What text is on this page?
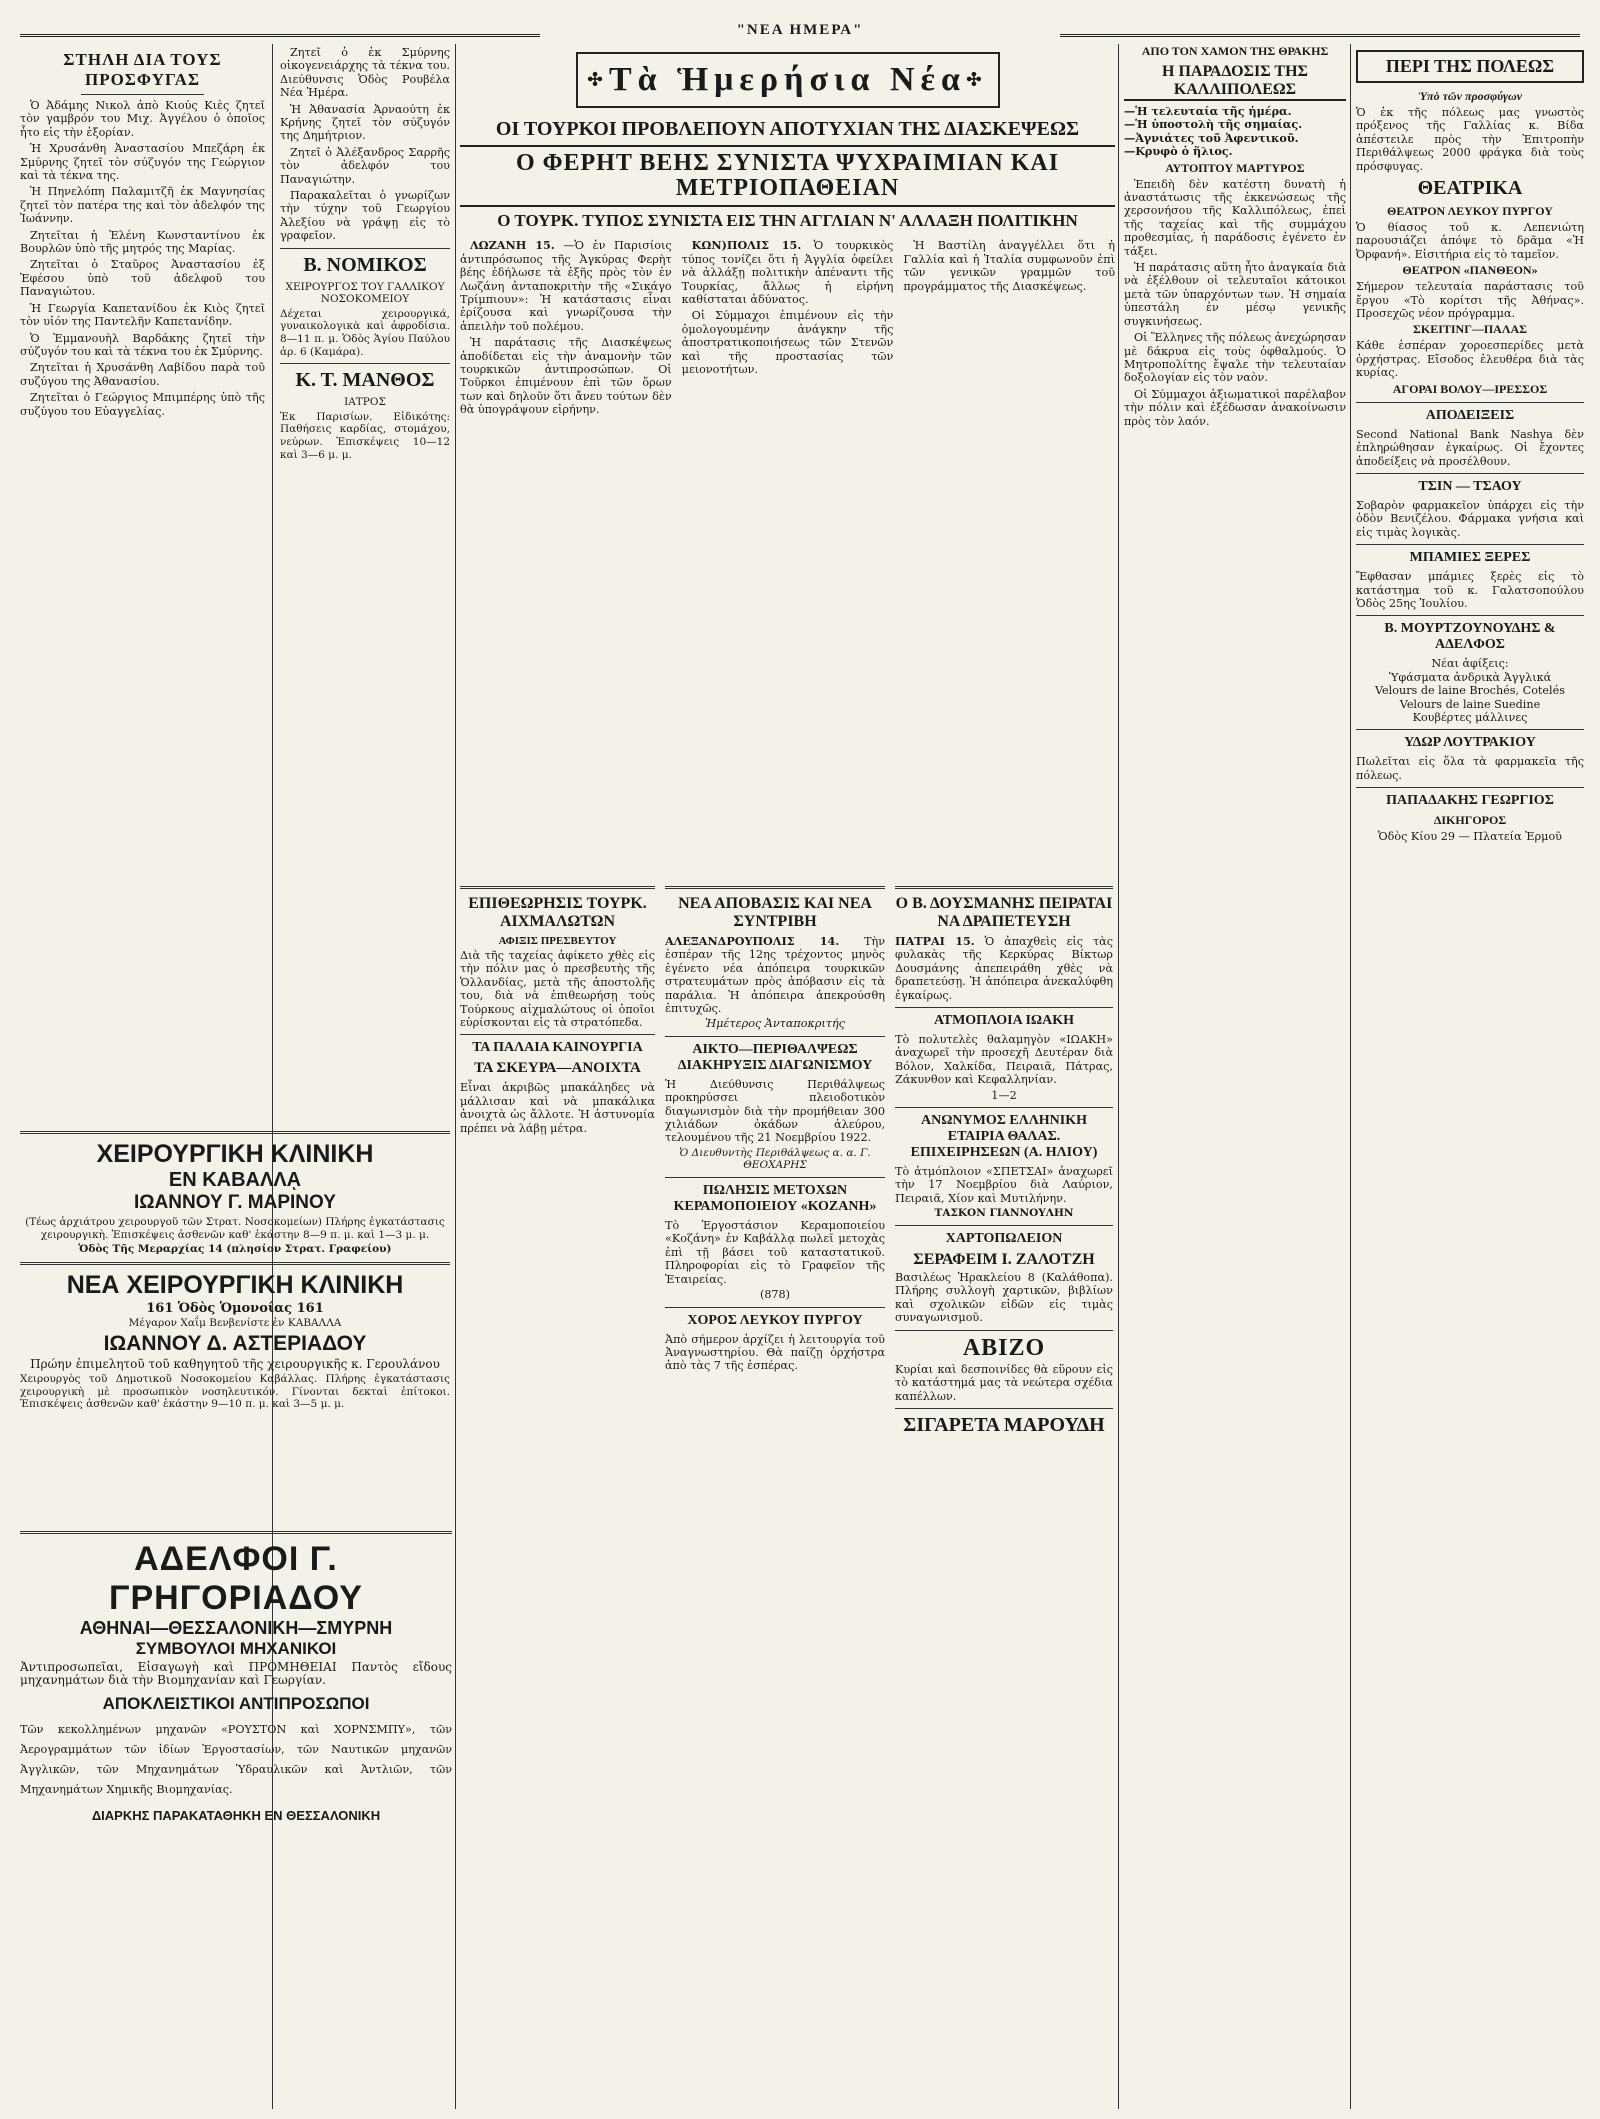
"ΝΕΑ ΗΜΕΡΑ"
ΣΤΗΛΗ ΔΙΑ ΤΟΥΣ ΠΡΟΣΦΥΓΑΣ

Ὁ Ἀδάμης Νικολ ἀπὸ Κιούς Κιὲς ζητεῖ τὸν γαμβρόν του Μιχ. Ἀγγέλου ὁ ὁποῖος ἦτο εἰς τὴν ἐξορίαν.

Ἡ Χρυσάνθη Ἀναστασίου Μπεζάρη ἐκ Σμύρνης ζητεῖ τὸν σύζυγόν της Γεώργιον καὶ τὰ τέκνα της.

Ἡ Πηνελόπη Παλαμιτζῆ ἐκ Μαγνησίας ζητεῖ τὸν πατέρα της καὶ τὸν ἀδελφόν της Ἰωάννην.

Ζητεῖται ἡ Ἑλένη Κωνσταντίνου ἐκ Βουρλῶν ὑπὸ τῆς μητρός της Μαρίας.

Ζητεῖται ὁ Σταῦρος Ἀναστασίου ἐξ Ἐφέσου ὑπὸ τοῦ ἀδελφοῦ του Παναγιώτου.

Ἡ Γεωργία Καπετανίδου ἐκ Κιὸς ζητεῖ τὸν υἱόν της Παντελῆν Καπετανίδην.

Ὁ Ἐμμανουὴλ Βαρδάκης ζητεῖ τὴν σύζυγόν του καὶ τὰ τέκνα του ἐκ Σμύρνης.

Ζητεῖται ἡ Χρυσάνθη Λαβίδου παρὰ τοῦ συζύγου της Ἀθανασίου.

Ζητεῖται ὁ Γεώργιος Μπιμπέρης ὑπὸ τῆς συζύγου του Εὐαγγελίας.

ΧΕΙΡΟΥΡΓΙΚΗ ΚΛΙΝΙΚΗ
ΕΝ ΚΑΒΑΛΛᾼ
ΙΩΑΝΝΟΥ Γ. ΜΑΡΙΝΟΥ
(Τέως ἀρχιάτρου χειρουργοῦ τῶν Στρατ. Νοσοκομείων) Πλήρης ἐγκατάστασις χειρουργικὴ. Ἐπισκέψεις ἀσθενῶν καθ' ἑκάστην 8—9 π. μ. καὶ 1—3 μ. μ.
Ὁδὸς Τῆς Μεραρχίας 14 (πλησίον Στρατ. Γραφείου)
ΝΕΑ ΧΕΙΡΟΥΡΓΙΚΗ ΚΛΙΝΙΚΗ
161 Ὁδὸς Ὁμονοίας 161
Μέγαρον Χαΐμ Βενβενίστε ἐν ΚΑΒΑΛΛΑ
ΙΩΑΝΝΟΥ Δ. ΑΣΤΕΡΙΑΔΟΥ
Πρώην ἐπιμελητοῦ τοῦ καθηγητοῦ τῆς χειρουργικῆς κ. Γερουλάνου
Χειρουργὸς τοῦ Δημοτικοῦ Νοσοκομείου Καβάλλας. Πλήρης ἐγκατάστασις χειρουργικὴ μὲ προσωπικὸν νοσηλευτικόν. Γίνονται δεκταὶ ἐπίτοκοι. Ἐπισκέψεις ἀσθενῶν καθ' ἑκάστην 9—10 π. μ. καὶ 3—5 μ. μ.
ΑΔΕΛΦΟΙ Γ. ΓΡΗΓΟΡΙΑΔΟΥ
ΑΘΗΝΑΙ—ΘΕΣΣΑΛΟΝΙΚΗ—ΣΜΥΡΝΗ
ΣΥΜΒΟΥΛΟΙ ΜΗΧΑΝΙΚΟΙ
Ἀντιπροσωπεῖαι, Εἰσαγωγὴ καὶ ΠΡΟΜΗΘΕΙΑΙ Παντὸς εἴδους μηχανημάτων διὰ τὴν Βιομηχανίαν καὶ Γεωργίαν.
ΑΠΟΚΛΕΙΣΤΙΚΟΙ ΑΝΤΙΠΡΟΣΩΠΟΙ
Τῶν κεκολλημένων μηχανῶν «ΡΟΥΣΤΟΝ καὶ ΧΟΡΝΣΜΠΥ», τῶν Ἀερογραμμάτων τῶν ἰδίων Ἐργοστασίων, τῶν Ναυτικῶν μηχανῶν Ἀγγλικῶν, τῶν Μηχανημάτων Ὑδραυλικῶν καὶ Ἀντλιῶν, τῶν Μηχανημάτων Χημικῆς Βιομηχανίας.
ΔΙΑΡΚΗΣ ΠΑΡΑΚΑΤΑΘΗΚΗ ΕΝ ΘΕΣΣΑΛΟΝΙΚΗ

Ζητεῖ ὁ ἐκ Σμύρνης οἰκογενειάρχης τὰ τέκνα του. Διεύθυνσις Ὁδὸς Ρουβέλα Νέα Ἡμέρα.

Ἡ Ἀθανασία Ἀρναούτη ἐκ Κρήνης ζητεῖ τὸν σύζυγόν της Δημήτριον.

Ζητεῖ ὁ Ἀλέξανδρος Σαρρῆς τὸν ἀδελφόν του Παναγιώτην.

Παρακαλεῖται ὁ γνωρίζων τὴν τύχην τοῦ Γεωργίου Ἀλεξίου νὰ γράψῃ εἰς τὸ γραφεῖον.

Β. ΝΟΜΙΚΟΣ
ΧΕΙΡΟΥΡΓΟΣ ΤΟΥ ΓΑΛΛΙΚΟΥ ΝΟΣΟΚΟΜΕΙΟΥ
Δέχεται χειρουργικά, γυναικολογικὰ καὶ ἀφροδίσια. 8—11 π. μ. Ὁδὸς Ἁγίου Παύλου ἀρ. 6 (Καμάρα).
Κ. Τ. ΜΑΝΘΟΣ
ΙΑΤΡΟΣ
Ἐκ Παρισίων. Εἰδικότης: Παθήσεις καρδίας, στομάχου, νεύρων. Ἐπισκέψεις 10—12 καὶ 3—6 μ. μ.
✣ Τὰ Ἡμερήσια Νέα ✣
ΟΙ ΤΟΥΡΚΟΙ ΠΡΟΒΛΕΠΟΥΝ ΑΠΟΤΥΧΙΑΝ ΤΗΣ ΔΙΑΣΚΕΨΕΩΣ
Ο ΦΕΡΗΤ ΒΕΗΣ ΣΥΝΙΣΤΑ ΨΥΧΡΑΙΜΙΑΝ ΚΑΙ ΜΕΤΡΙΟΠΑΘΕΙΑΝ
Ο ΤΟΥΡΚ. ΤΥΠΟΣ ΣΥΝΙΣΤΑ ΕΙΣ ΤΗΝ ΑΓΓΛΙΑΝ Ν' ΑΛΛΑΞΗ ΠΟΛΙΤΙΚΗΝ

ΛΩΖΑΝΗ 15. —Ὁ ἐν Παρισίοις ἀντιπρόσωπος τῆς Ἀγκύρας Φερὴτ βέης ἐδήλωσε τὰ ἑξῆς πρὸς τὸν ἐν Λωζάνη ἀνταποκριτὴν τῆς «Σικάγο Τρίμπιουν»: Ἡ κατάστασις εἶναι ἐρίζουσα καὶ γνωρίζουσα τὴν ἀπειλὴν τοῦ πολέμου.

Ἡ παράτασις τῆς Διασκέψεως ἀποδίδεται εἰς τὴν ἀναμονὴν τῶν τουρκικῶν ἀντιπροσώπων. Οἱ Τοῦρκοι ἐπιμένουν ἐπὶ τῶν ὅρων των καὶ δηλοῦν ὅτι ἄνευ τούτων δὲν θὰ ὑπογράψουν εἰρήνην.

ΚΩΝ)ΠΟΛΙΣ 15. Ὁ τουρκικὸς τύπος τονίζει ὅτι ἡ Ἀγγλία ὀφείλει νὰ ἀλλάξῃ πολιτικὴν ἀπέναντι τῆς Τουρκίας, ἄλλως ἡ εἰρήνη καθίσταται ἀδύνατος.

Οἱ Σύμμαχοι ἐπιμένουν εἰς τὴν ὁμολογουμένην ἀνάγκην τῆς ἀποστρατικοποιήσεως τῶν Στενῶν καὶ τῆς προστασίας τῶν μειονοτήτων.

Ἡ Βαστίλη ἀναγγέλλει ὅτι ἡ Γαλλία καὶ ἡ Ἰταλία συμφωνοῦν ἐπὶ τῶν γενικῶν γραμμῶν τοῦ προγράμματος τῆς Διασκέψεως.

ΕΠΙΘΕΩΡΗΣΙΣ ΤΟΥΡΚ. ΑΙΧΜΑΛΩΤΩΝ
ΑΦΙΞΙΣ ΠΡΕΣΒΕΥΤΟΥ
Διὰ τῆς ταχείας ἀφίκετο χθὲς εἰς τὴν πόλιν μας ὁ πρεσβευτὴς τῆς Ὁλλανδίας, μετὰ τῆς ἀποστολῆς του, διὰ νὰ ἐπιθεωρήσῃ τοὺς Τούρκους αἰχμαλώτους οἱ ὁποῖοι εὑρίσκονται εἰς τὰ στρατόπεδα.
ΤΑ ΠΑΛΑΙΑ ΚΑΙΝΟΥΡΓΙΑ
ΤΑ ΣΚΕΥΡΑ—ΑΝΟΙΧΤΑ
Εἶναι ἀκριβῶς μπακάληδες νὰ μάλλισαν καὶ νὰ μπακάλικα ἀνοιχτὰ ὡς ἄλλοτε. Ἡ ἀστυνομία πρέπει νὰ λάβῃ μέτρα.
ΝΕΑ ΑΠΟΒΑΣΙΣ ΚΑΙ ΝΕΑ ΣΥΝΤΡΙΒΗ
ΑΛΕΞΑΝΔΡΟΥΠΟΛΙΣ 14. Τὴν ἑσπέραν τῆς 12ης τρέχοντος μηνὸς ἐγένετο νέα ἀπόπειρα τουρκικῶν στρατευμάτων πρὸς ἀπόβασιν εἰς τὰ παράλια. Ἡ ἀπόπειρα ἀπεκρούσθη ἐπιτυχῶς.
Ἡμέτερος Ἀνταποκριτής
ΑΙΚΤΟ—ΠΕΡΙΘΑΛΨΕΩΣ ΔΙΑΚΗΡΥΞΙΣ ΔΙΑΓΩΝΙΣΜΟΥ
Ἡ Διεύθυνσις Περιθάλψεως προκηρύσσει πλειοδοτικὸν διαγωνισμὸν διὰ τὴν προμήθειαν 300 χιλιάδων ὀκάδων ἀλεύρου, τελουμένου τῆς 21 Νοεμβρίου 1922.
Ὁ Διευθυντὴς Περιθάλψεως α. α. Γ. ΘΕΟΧΑΡΗΣ
ΠΩΛΗΣΙΣ ΜΕΤΟΧΩΝ ΚΕΡΑΜΟΠΟΙΕΙΟΥ «ΚΟΖΑΝΗ»
Τὸ Ἐργοστάσιον Κεραμοποιείου «Κοζάνη» ἐν Καβάλλᾳ πωλεῖ μετοχὰς ἐπὶ τῇ βάσει τοῦ καταστατικοῦ. Πληροφορίαι εἰς τὸ Γραφεῖον τῆς Ἑταιρείας.
(878)
ΧΟΡΟΣ ΛΕΥΚΟΥ ΠΥΡΓΟΥ
Ἀπὸ σήμερον ἀρχίζει ἡ λειτουργία τοῦ Ἀναγνωστηρίου. Θὰ παίζῃ ὀρχήστρα ἀπὸ τὰς 7 τῆς ἑσπέρας.
Ο Β. ΔΟΥΣΜΑΝΗΣ ΠΕΙΡΑΤΑΙ ΝΑ ΔΡΑΠΕΤΕΥΣΗ
ΠΑΤΡΑΙ 15. Ὁ ἀπαχθεὶς εἰς τὰς φυλακὰς τῆς Κερκύρας Βίκτωρ Δουσμάνης ἀπεπειράθη χθὲς νὰ δραπετεύσῃ. Ἡ ἀπόπειρα ἀνεκαλύφθη ἐγκαίρως.
ΑΤΜΟΠΛΟΙΑ ΙΩΑΚΗ
Τὸ πολυτελὲς θαλαμηγὸν «ΙΩΑΚΗ» ἀναχωρεῖ τὴν προσεχῆ Δευτέραν διὰ Βόλον, Χαλκίδα, Πειραιᾶ, Πάτρας, Ζάκυνθον καὶ Κεφαλληνίαν.
1—2
ΑΝΩΝΥΜΟΣ ΕΛΛΗΝΙΚΗ ΕΤΑΙΡΙΑ ΘΑΛΑΣ. ΕΠΙΧΕΙΡΗΣΕΩΝ (Α. ΗΛΙΟΥ)
Τὸ ἀτμόπλοιον «ΣΠΕΤΣΑΙ» ἀναχωρεῖ τὴν 17 Νοεμβρίου διὰ Λαύριον, Πειραιᾶ, Χίον καὶ Μυτιλήνην.
ΤΑΣΚΟΝ ΓΙΑΝΝΟΥΛΗΝ
ΧΑΡΤΟΠΩΛΕΙΟΝ
ΣΕΡΑΦΕΙΜ Ι. ΖΑΛΟΤΖΗ
Βασιλέως Ἡρακλείου 8 (Καλάθοπα). Πλήρης συλλογὴ χαρτικῶν, βιβλίων καὶ σχολικῶν εἰδῶν εἰς τιμὰς συναγωνισμοῦ.
ΑΒΙΖΟ
Κυρίαι καὶ δεσποινίδες θὰ εὕρουν εἰς τὸ κατάστημά μας τὰ νεώτερα σχέδια καπέλλων.
ΣΙΓΑΡΕΤΑ ΜΑΡΟΥΔΗ
ΑΠΟ ΤΟΝ ΧΑΜΟΝ ΤΗΣ ΘΡΑΚΗΣ
Η ΠΑΡΑΔΟΣΙΣ ΤΗΣ ΚΑΛΛΙΠΟΛΕΩΣ
—Ἡ τελευταία τῆς ἡμέρα.
—Ἡ ὑποστολὴ τῆς σημαίας.
—Ἀγνιάτες τοῦ Ἀφεντικοῦ.
—Κρυφὸ ὁ ἥλιος.
ΑΥΤΟΠΤΟΥ ΜΑΡΤΥΡΟΣ

Ἐπειδὴ δὲν κατέστη δυνατὴ ἡ ἀναστάτωσις τῆς ἐκκενώσεως τῆς χερσονήσου τῆς Καλλιπόλεως, ἐπεὶ τῆς ταχείας καὶ τῆς συμμάχου προθεσμίας, ἡ παράδοσις ἐγένετο ἐν τάξει.

Ἡ παράτασις αὕτη ἦτο ἀναγκαία διὰ νὰ ἐξέλθουν οἱ τελευταῖοι κάτοικοι μετὰ τῶν ὑπαρχόντων των. Ἡ σημαία ὑπεστάλη ἐν μέσῳ γενικῆς συγκινήσεως.

Οἱ Ἕλληνες τῆς πόλεως ἀνεχώρησαν μὲ δάκρυα εἰς τοὺς ὀφθαλμούς. Ὁ Μητροπολίτης ἔψαλε τὴν τελευταίαν δοξολογίαν εἰς τὸν ναὸν.

Οἱ Σύμμαχοι ἀξιωματικοὶ παρέλαβον τὴν πόλιν καὶ ἐξέδωσαν ἀνακοίνωσιν πρὸς τὸν λαόν.

ΠΕΡΙ ΤΗΣ ΠΟΛΕΩΣ
Ὑπὸ τῶν προσφύγων
Ὁ ἐκ τῆς πόλεως μας γνωστὸς πρόξενος τῆς Γαλλίας κ. Βίδα ἀπέστειλε πρὸς τὴν Ἐπιτροπὴν Περιθάλψεως 2000 φράγκα διὰ τοὺς πρόσφυγας.
ΘΕΑΤΡΙΚΑ
ΘΕΑΤΡΟΝ ΛΕΥΚΟΥ ΠΥΡΓΟΥ
Ὁ θίασος τοῦ κ. Λεπενιώτη παρουσιάζει ἀπόψε τὸ δρᾶμα «Ἡ Ὀρφανή». Εἰσιτήρια εἰς τὸ ταμεῖον.
ΘΕΑΤΡΟΝ «ΠΑΝΘΕΟΝ»
Σήμερον τελευταία παράστασις τοῦ ἔργου «Τὸ κορίτσι τῆς Ἀθήνας». Προσεχῶς νέον πρόγραμμα.
ΣΚΕΙΤΙΝΓ—ΠΑΛΑΣ
Κάθε ἑσπέραν χοροεσπερίδες μετὰ ὀρχήστρας. Εἴσοδος ἐλευθέρα διὰ τὰς κυρίας.
ΑΓΟΡΑΙ ΒΟΛΟΥ—ΙΡΕΣΣΟΣ
ΑΠΟΔΕΙΞΕΙΣ
Second National Bank Nashya δὲν ἐπληρώθησαν ἐγκαίρως. Οἱ ἔχοντες ἀποδείξεις νὰ προσέλθουν.
ΤΣΙΝ — ΤΣΑΟΥ
Σοβαρὸν φαρμακεῖον ὑπάρχει εἰς τὴν ὁδὸν Βενιζέλου. Φάρμακα γνήσια καὶ εἰς τιμὰς λογικὰς.
ΜΠΑΜΙΕΣ ΞΕΡΕΣ
Ἔφθασαν μπάμιες ξερὲς εἰς τὸ κατάστημα τοῦ κ. Γαλατσοπούλου Ὁδὸς 25ης Ἰουλίου.
Β. ΜΟΥΡΤΖΟΥΝΟΥΔΗΣ & ΑΔΕΛΦΟΣ
Νέαι ἀφίξεις:
Ὑφάσματα ἀνδρικὰ Ἀγγλικά
Velours de laine Brochés, Cotelés
Velours de laine Suedine
Κουβέρτες μάλλινες
ΥΔΩΡ ΛΟΥΤΡΑΚΙΟΥ
Πωλεῖται εἰς ὅλα τὰ φαρμακεῖα τῆς πόλεως.
ΠΑΠΑΔΑΚΗΣ ΓΕΩΡΓΙΟΣ
ΔΙΚΗΓΟΡΟΣ
Ὁδὸς Κίου 29 — Πλατεία Ἑρμοῦ
